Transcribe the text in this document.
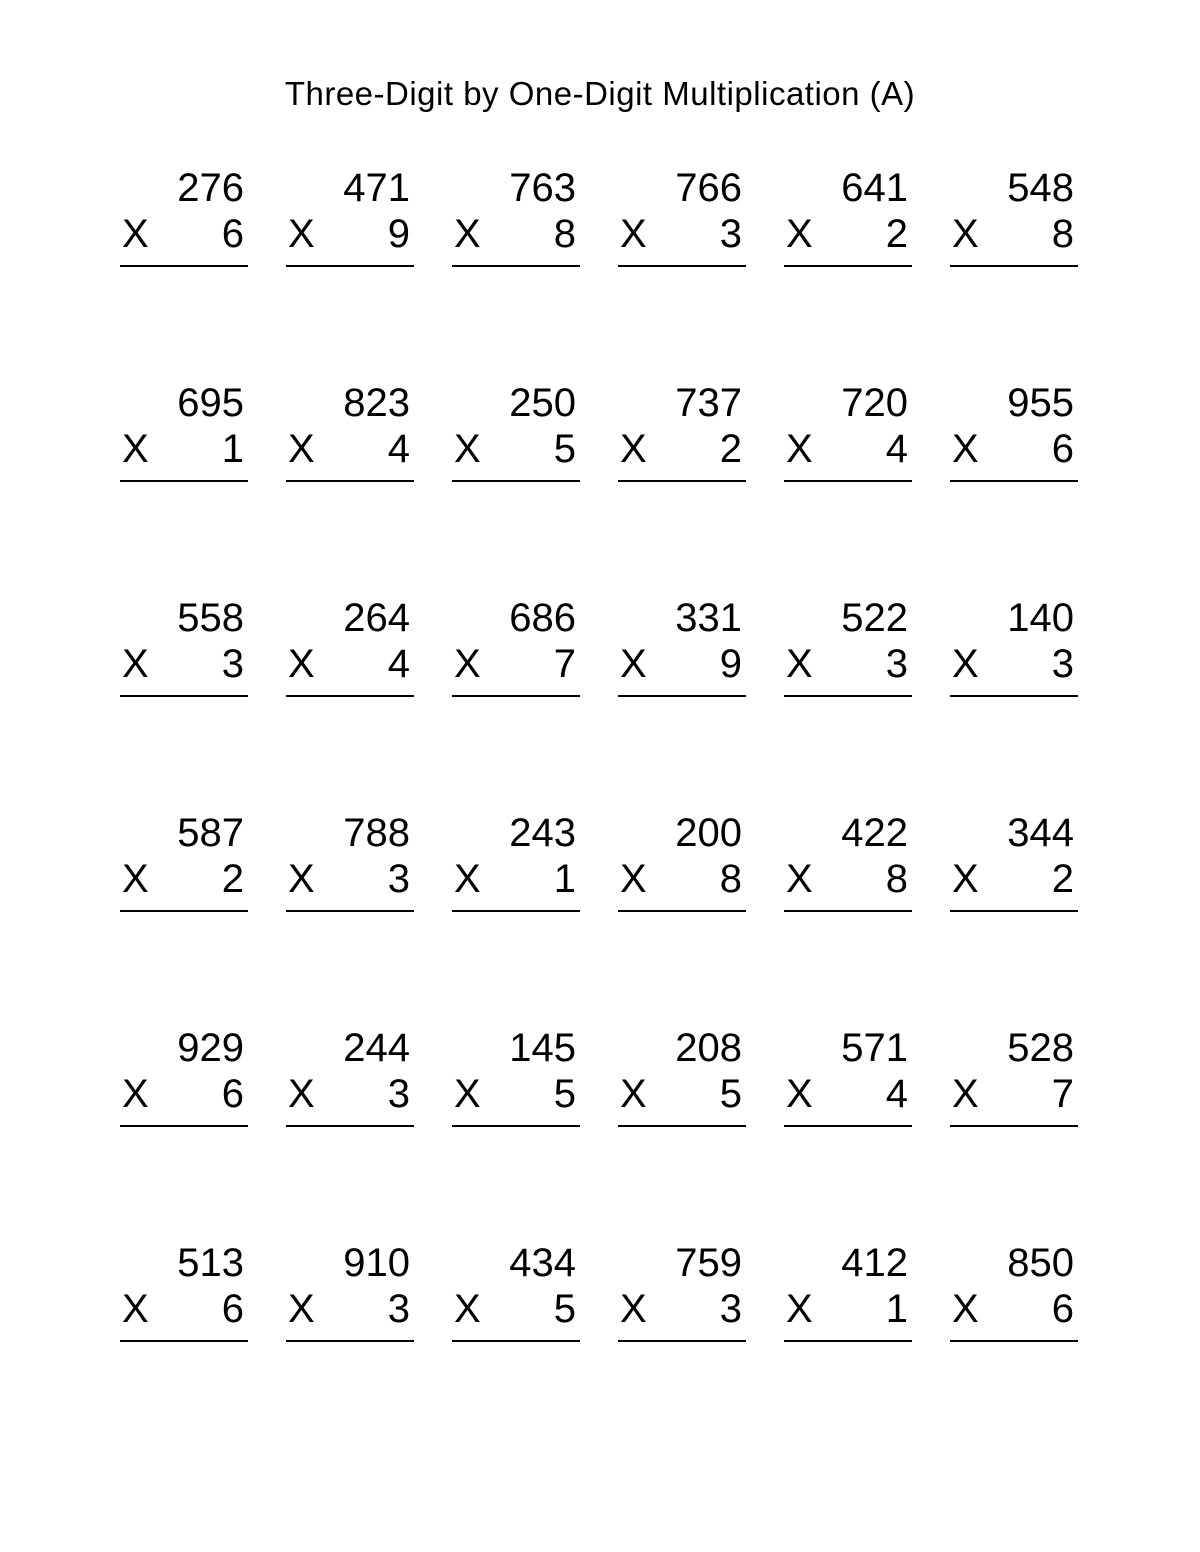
Three-Digit by One-Digit Multiplication (A)
276
X 6
471
X 9
763
X 8
766
X 3
641
X 2
548
X 8
695
X 1
823
X 4
250
X 5
737
X 2
720
X 4
955
X 6
558
X 3
264
X 4
686
X 7
331
X 9
522
X 3
140
X 3
587
X 2
788
X 3
243
X 1
200
X 8
422
X 8
344
X 2
929
X 6
244
X 3
145
X 5
208
X 5
571
X 4
528
X 7
513
X 6
910
X 3
434
X 5
759
X 3
412
X 1
850
X 6
